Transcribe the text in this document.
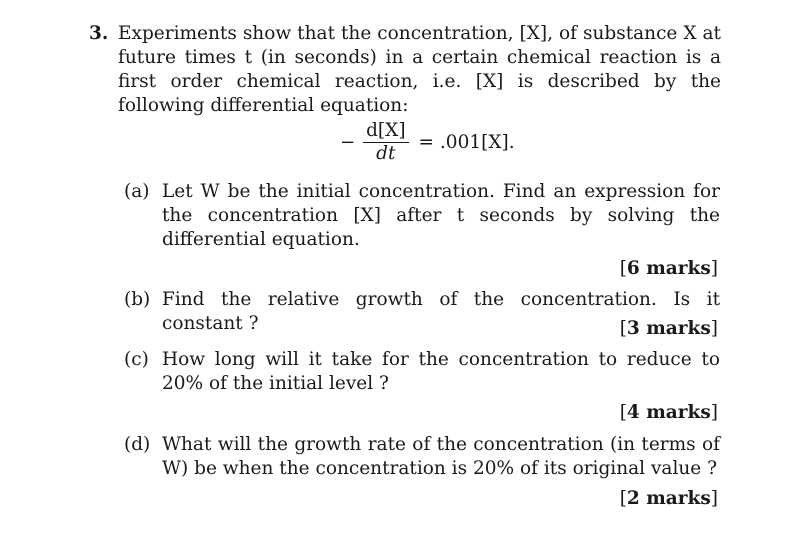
3. Experiments show that the concentration, [X], of substance X at future times t (in seconds) in a certain chemical reaction is a first order chemical reaction, i.e. [X] is described by the following differential equation:
− $\frac{d[X]}{dt} = .001[X]$.
(a) Let W be the initial concentration. Find an expression for the concentration [X] after t seconds by solving the differential equation.
[6 marks]
(b) Find the relative growth of the concentration. Is it constant ?	[3 marks]
(c) How long will it take for the concentration to reduce to 20% of the initial level ?
[4 marks]
(d) What will the growth rate of the concentration (in terms of W) be when the concentration is 20% of its original value ?
[2 marks]
